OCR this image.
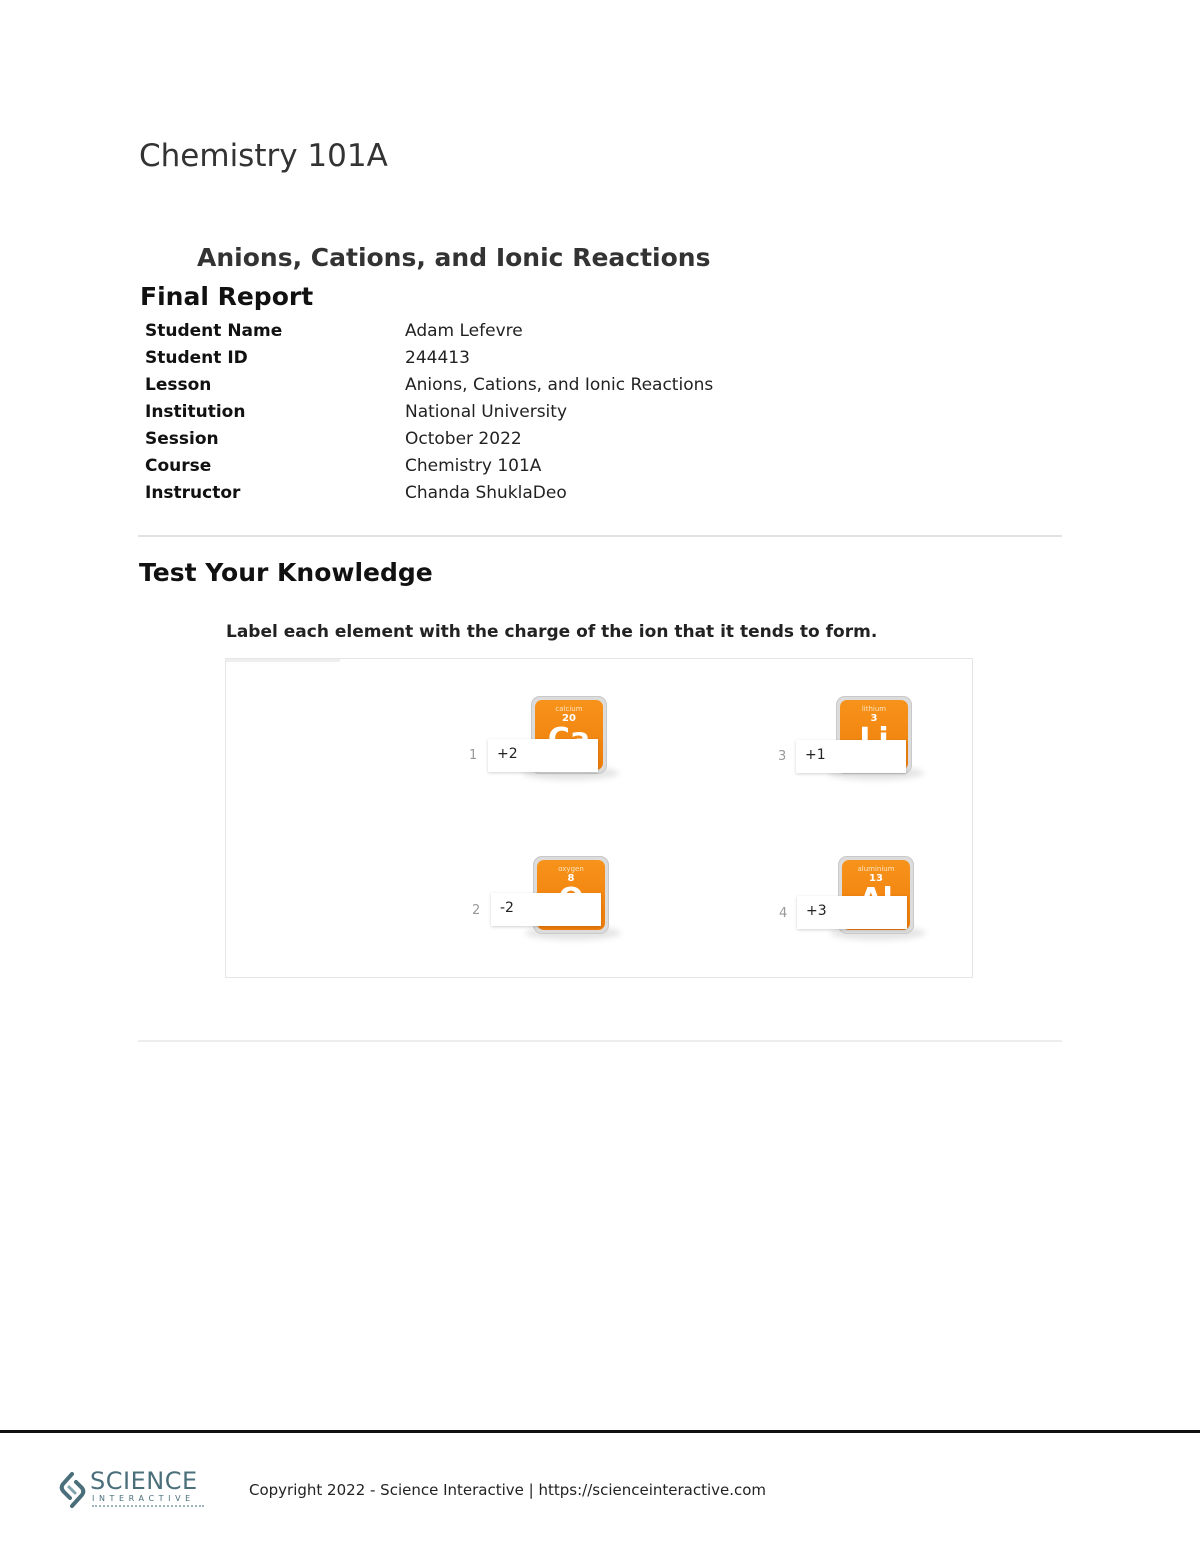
Chemistry 101A
Anions, Cations, and Ionic Reactions
Final Report
Student Name	Adam Lefevre
Student ID	244413
Lesson	Anions, Cations, and Ionic Reactions
Institution	National University
Session	October 2022
Course	Chemistry 101A
Instructor	Chanda ShuklaDeo
Test Your Knowledge

Label each element with the charge of the ion that it tends to form.

calcium
20
1	+2
oxygen
8
2	-2
lithium
3
3	+1
aluminium
13
4	+3
SCIENCE
INTERACTIVE	Copyright 2022 - Science Interactive | https://scienceinteractive.com
